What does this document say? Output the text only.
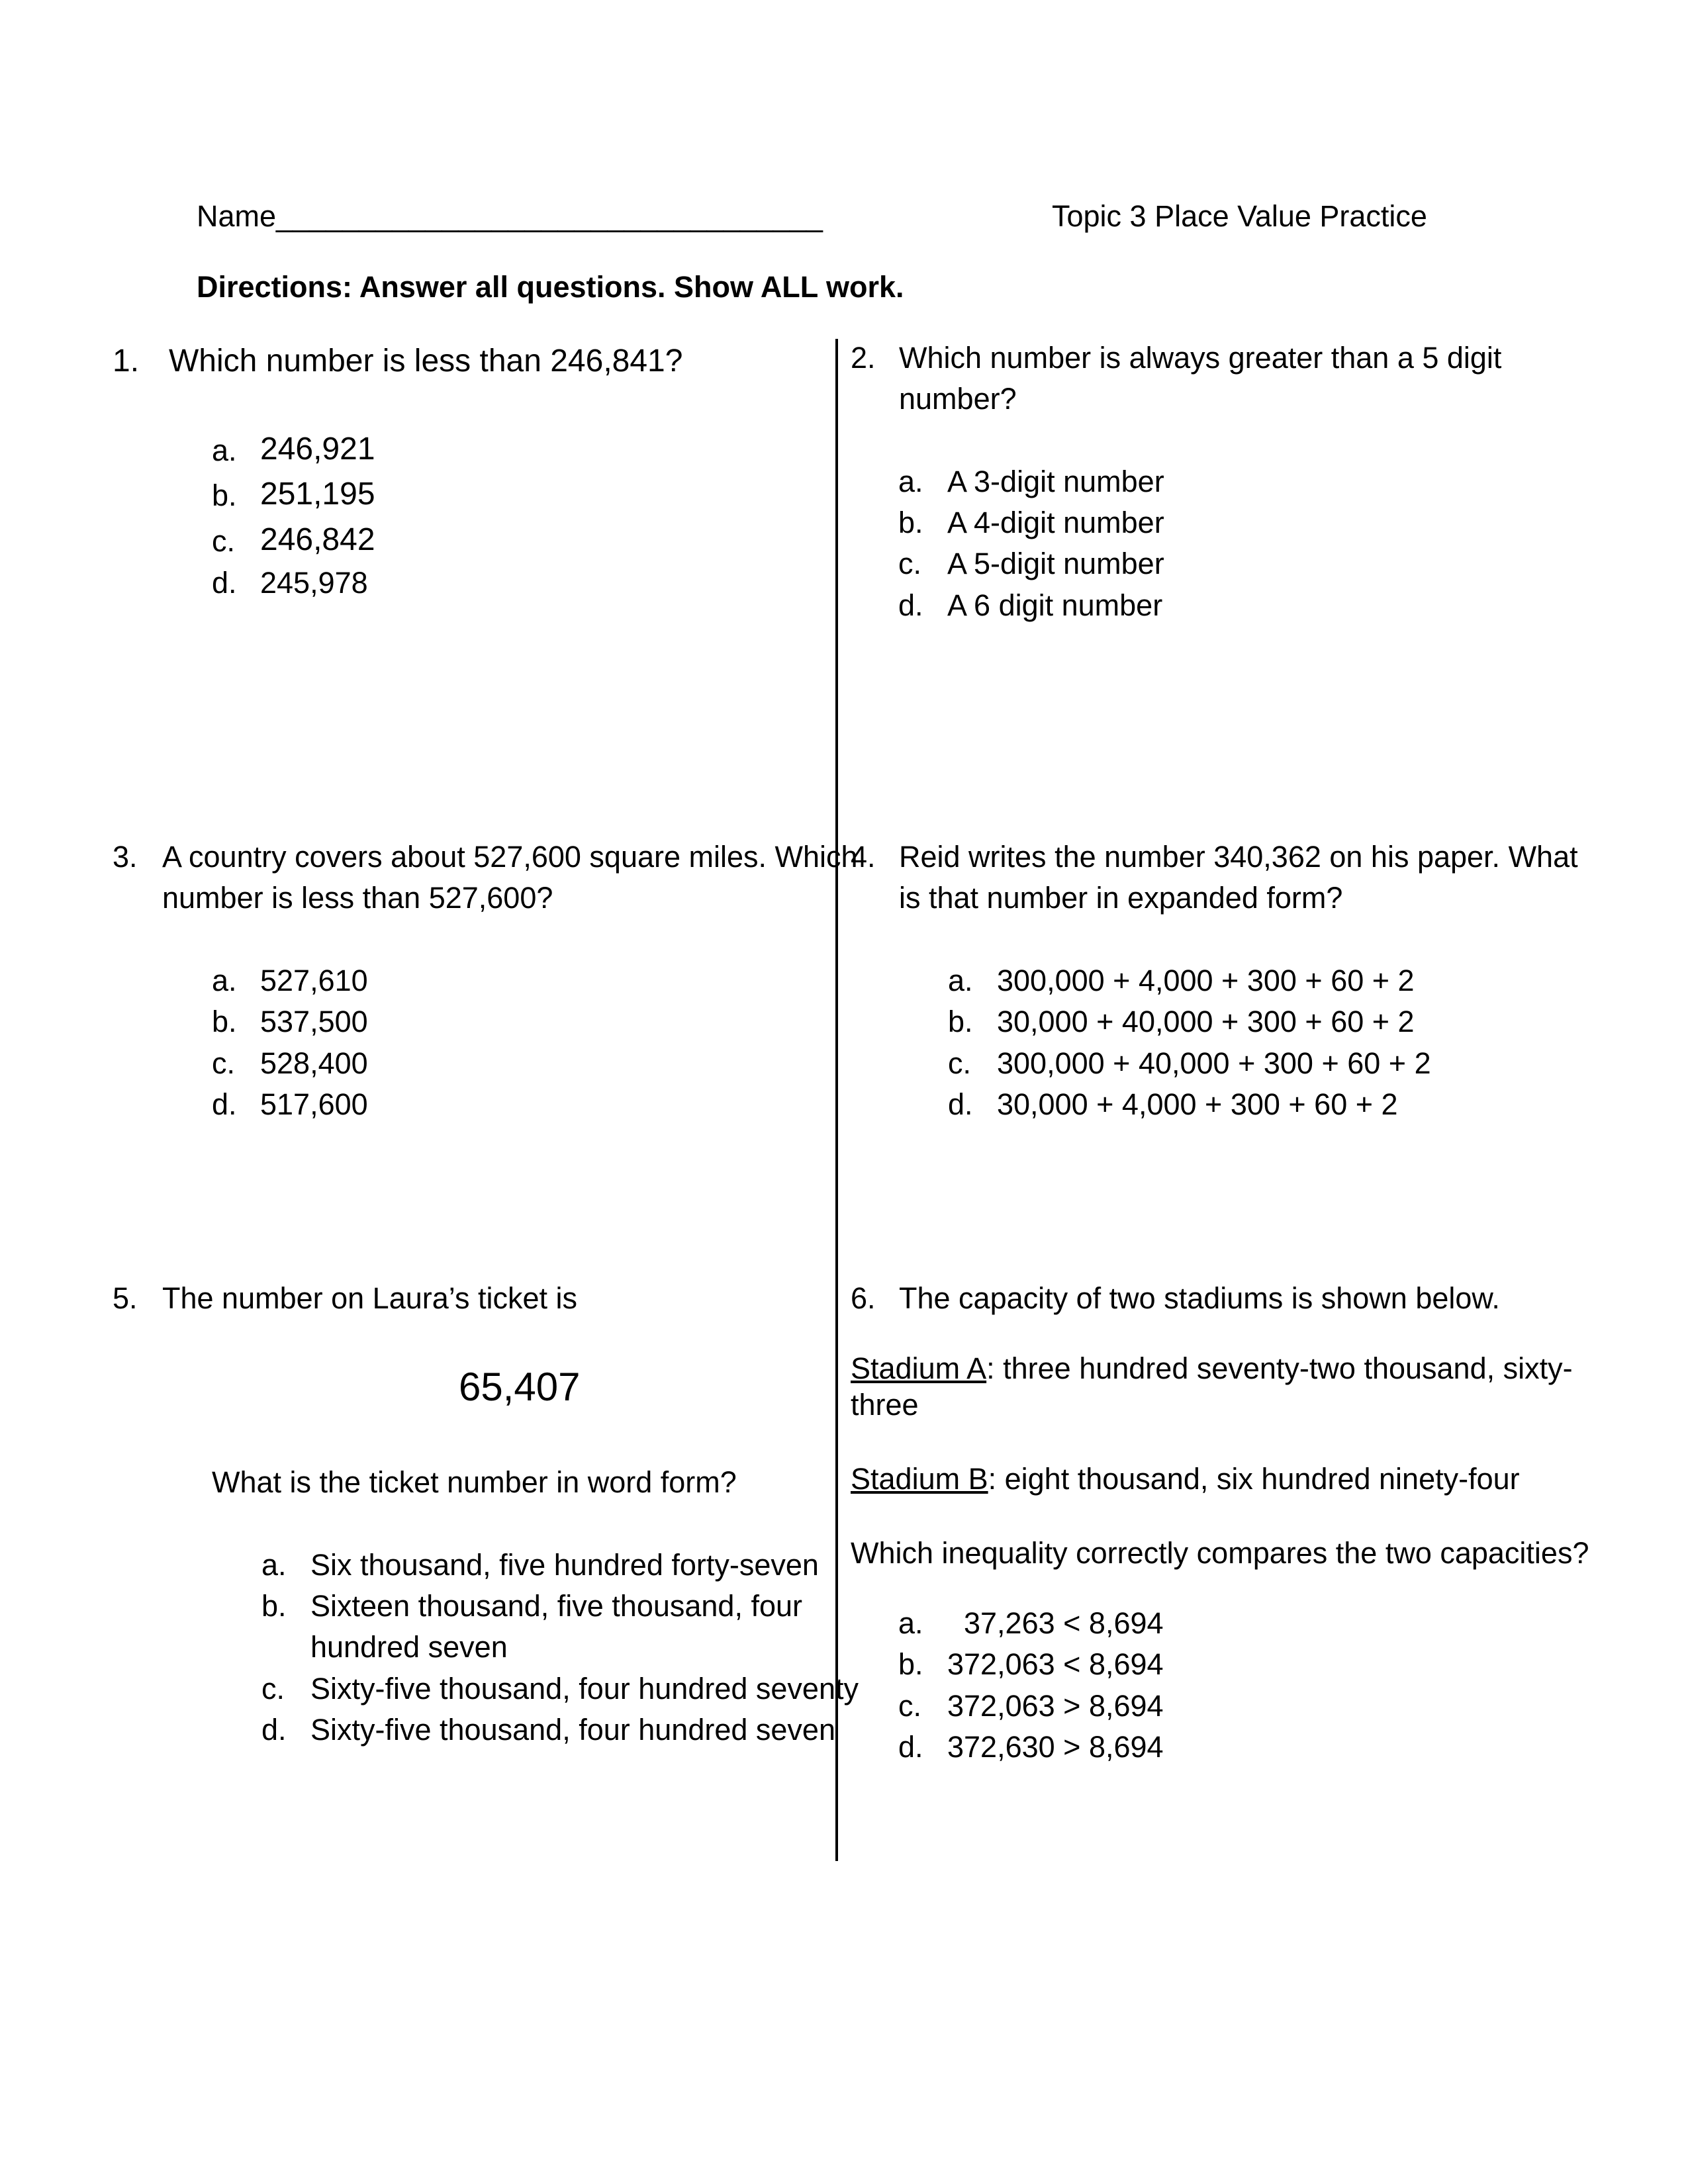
Name_________________________________	Topic 3 Place Value Practice
Directions: Answer all questions. Show ALL work.
1. Which number is less than 246,841?
a. 246,921
b. 251,195
c. 246,842
d. 245,978
2. Which number is always greater than a 5 digit
number?
a. A 3-digit number
b. A 4-digit number
c. A 5-digit number
d. A 6 digit number
3. A country covers about 527,600 square miles. Which
number is less than 527,600?
a. 527,610
b. 537,500
c. 528,400
d. 517,600
4. Reid writes the number 340,362 on his paper. What
is that number in expanded form?
a. 300,000 + 4,000 + 300 + 60 + 2
b. 30,000 + 40,000 + 300 + 60 + 2
c. 300,000 + 40,000 + 300 + 60 + 2
d. 30,000 + 4,000 + 300 + 60 + 2
5. The number on Laura’s ticket is
65,407
What is the ticket number in word form?
a. Six thousand, five hundred forty-seven
b. Sixteen thousand, five thousand, four
hundred seven
c. Sixty-five thousand, four hundred seventy
d. Sixty-five thousand, four hundred seven
6. The capacity of two stadiums is shown below.
Stadium A: three hundred seventy-two thousand, sixty-
three
Stadium B: eight thousand, six hundred ninety-four
Which inequality correctly compares the two capacities?
a. 37,263 < 8,694
b. 372,063 < 8,694
c. 372,063 > 8,694
d. 372,630 > 8,694
